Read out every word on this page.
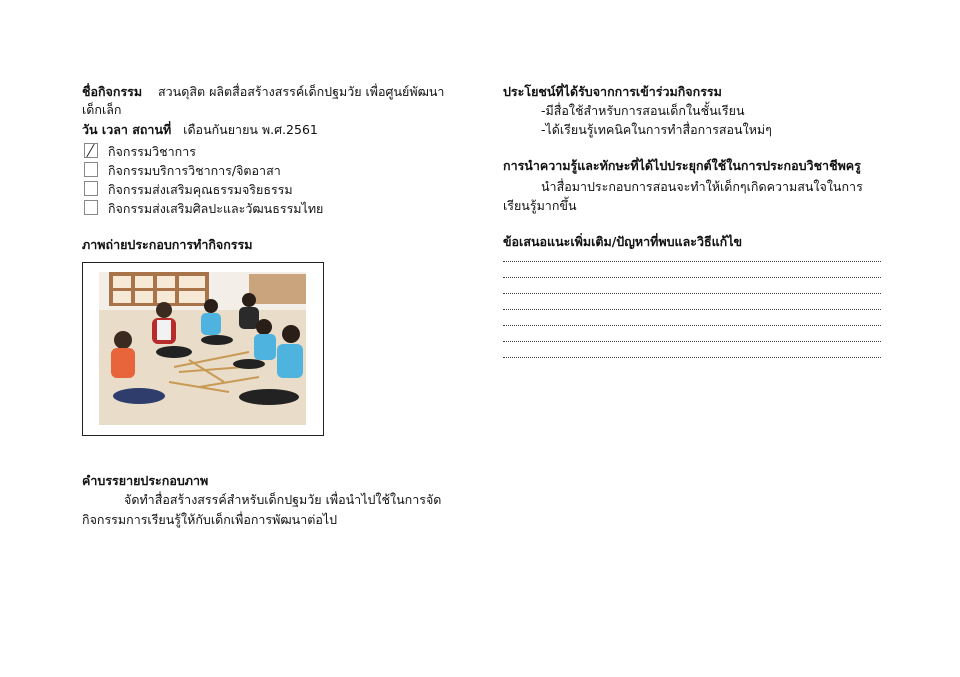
ชื่อกิจกรรม สวนดุสิต ผลิตสื่อสร้างสรรค์เด็กปฐมวัย เพื่อศูนย์พัฒนา
เด็กเล็ก
วัน เวลา สถานที่ เดือนกันยายน พ.ศ.2561
กิจกรรมวิชาการ
กิจกรรมบริการวิชาการ/จิตอาสา
กิจกรรมส่งเสริมคุณธรรมจริยธรรม
กิจกรรมส่งเสริมศิลปะและวัฒนธรรมไทย
ภาพถ่ายประกอบการทำกิจกรรม
คำบรรยายประกอบภาพ
จัดทำสื่อสร้างสรรค์สำหรับเด็กปฐมวัย เพื่อนำไปใช้ในการจัด
กิจกรรมการเรียนรู้ให้กับเด็กเพื่อการพัฒนาต่อไป
ประโยชน์ที่ได้รับจากการเข้าร่วมกิจกรรม
-มีสื่อใช้สำหรับการสอนเด็กในชั้นเรียน
-ได้เรียนรู้เทคนิคในการทำสื่อการสอนใหม่ๆ
การนำความรู้และทักษะที่ได้ไปประยุกต์ใช้ในการประกอบวิชาชีพครู
นำสื่อมาประกอบการสอนจะทำให้เด็กๆเกิดความสนใจในการ
เรียนรู้มากขึ้น
ข้อเสนอแนะเพิ่มเติม/ปัญหาที่พบและวิธีแก้ไข
